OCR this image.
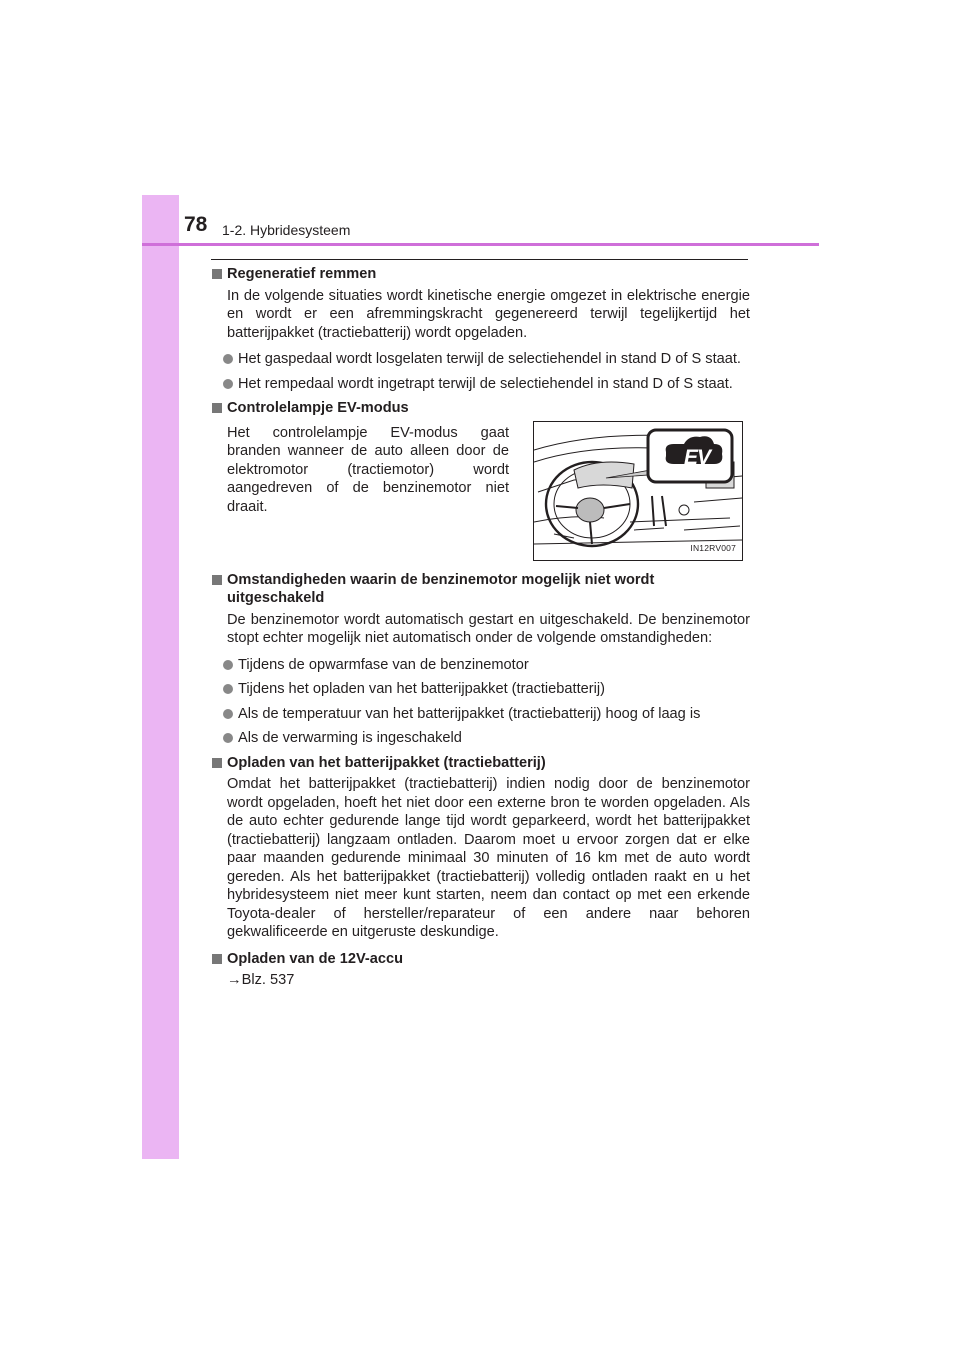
78 1-2. Hybridesysteem
Regeneratief remmen

In de volgende situaties wordt kinetische energie omgezet in elektrische energie en wordt er een afremmingskracht gegenereerd terwijl tegelijkertijd het batterijpakket (tractiebatterij) wordt opgeladen.

Het gaspedaal wordt losgelaten terwijl de selectiehendel in stand D of S staat.
Het rempedaal wordt ingetrapt terwijl de selectiehendel in stand D of S staat.
Controlelampje EV-modus
Het controlelampje EV-modus gaat branden wanneer de auto alleen door de elektromotor (tractiemotor) wordt aangedreven of de benzinemotor niet draait.
EV
IN12RV007
Omstandigheden waarin de benzinemotor mogelijk niet wordt uitgeschakeld

De benzinemotor wordt automatisch gestart en uitgeschakeld. De benzinemotor stopt echter mogelijk niet automatisch onder de volgende omstandigheden:

Tijdens de opwarmfase van de benzinemotor
Tijdens het opladen van het batterijpakket (tractiebatterij)
Als de temperatuur van het batterijpakket (tractiebatterij) hoog of laag is
Als de verwarming is ingeschakeld
Opladen van het batterijpakket (tractiebatterij)

Omdat het batterijpakket (tractiebatterij) indien nodig door de benzinemotor wordt opgeladen, hoeft het niet door een externe bron te worden opgeladen. Als de auto echter gedurende lange tijd wordt geparkeerd, wordt het batterijpakket (tractiebatterij) langzaam ontladen. Daarom moet u ervoor zorgen dat er elke paar maanden gedurende minimaal 30 minuten of 16 km met de auto wordt gereden. Als het batterijpakket (tractiebatterij) volledig ontladen raakt en u het hybridesysteem niet meer kunt starten, neem dan contact op met een erkende Toyota-dealer of hersteller/reparateur of een andere naar behoren gekwalificeerde en uitgeruste deskundige.

Opladen van de 12V-accu
→Blz. 537
